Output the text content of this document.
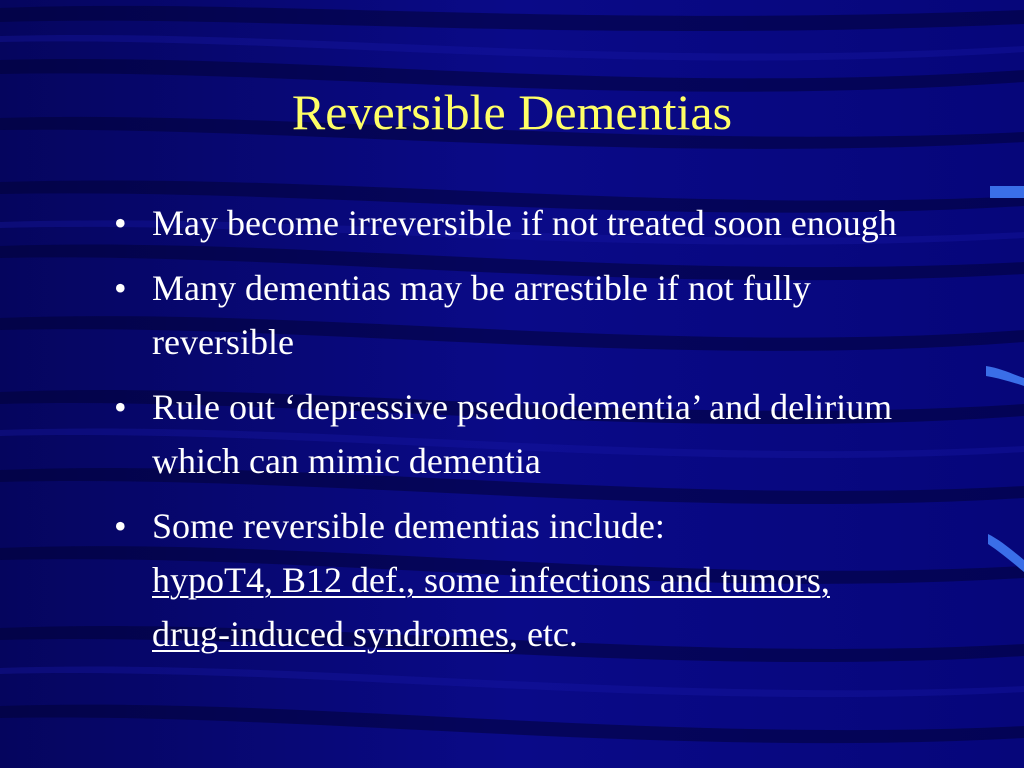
Reversible Dementias
• May become irreversible if not treated soon enough
• Many dementias may be arrestible if not fully reversible
• Rule out ‘depressive pseduodementia’ and delirium which can mimic dementia
• Some reversible dementias include:
hypoT4, B12 def., some infections and tumors, drug-induced syndromes, etc.
